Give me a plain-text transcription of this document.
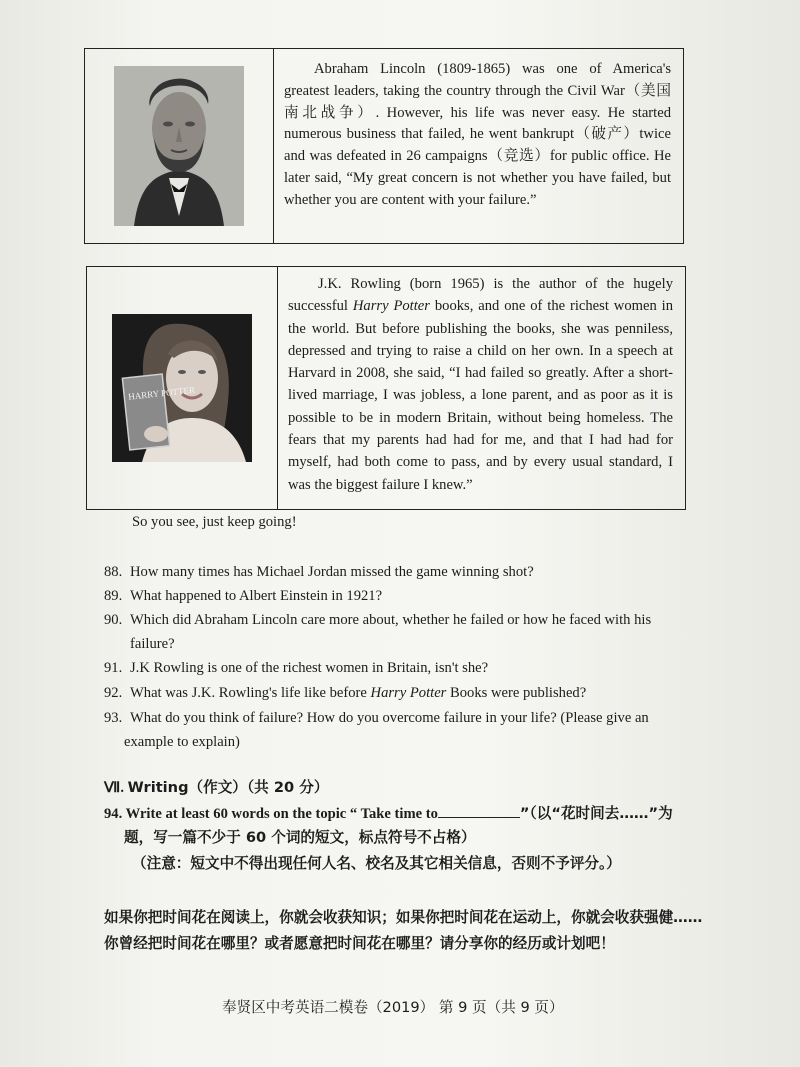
Abraham Lincoln (1809-1865) was one of America's greatest leaders, taking the country through the Civil War（美国南北战争）. However, his life was never easy. He started numerous business that failed, he went bankrupt（破产）twice and was defeated in 26 campaigns（竞选）for public office. He later said, “My great concern is not whether you have failed, but whether you are content with your failure.”

HARRY POTTER

J.K. Rowling (born 1965) is the author of the hugely successful Harry Potter books, and one of the richest women in the world. But before publishing the books, she was penniless, depressed and trying to raise a child on her own. In a speech at Harvard in 2008, she said, “I had failed so greatly. After a short-lived marriage, I was jobless, a lone parent, and as poor as it is possible to be in modern Britain, without being homeless. The fears that my parents had had for me, and that I had had for myself, had both come to pass, and by every usual standard, I was the biggest failure I knew.”

So you see, just keep going!
88. How many times has Michael Jordan missed the game winning shot?
89. What happened to Albert Einstein in 1921?
90. Which did Abraham Lincoln care more about, whether he failed or how he faced with his
failure?
91. J.K Rowling is one of the richest women in Britain, isn't she?
92. What was J.K. Rowling's life like before Harry Potter Books were published?
93. What do you think of failure? How do you overcome failure in your life? (Please give an
example to explain)
Ⅶ. Writing（作文）（共 20 分）
94. Write at least 60 words on the topic “ Take time to	”（以“花时间去……”为
题，写一篇不少于 60 个词的短文，标点符号不占格）
（注意：短文中不得出现任何人名、校名及其它相关信息，否则不予评分。）
如果你把时间花在阅读上，你就会收获知识；如果你把时间花在运动上，你就会收获强健……
你曾经把时间花在哪里？或者愿意把时间花在哪里？请分享你的经历或计划吧！
奉贤区中考英语二模卷（2019） 第 9 页（共 9 页）
